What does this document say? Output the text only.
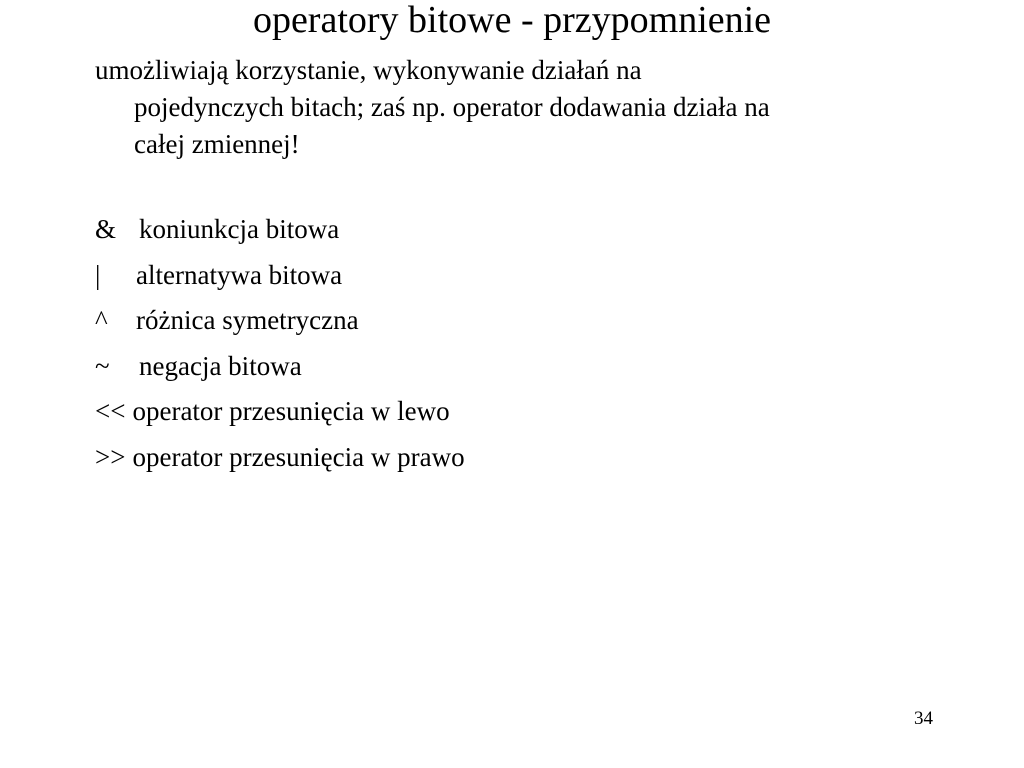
operatory bitowe - przypomnienie
umożliwiają korzystanie, wykonywanie działań na
pojedynczych bitach; zaś np. operator dodawania działa na
całej zmiennej!
& koniunkcja bitowa
| alternatywa bitowa
^ różnica symetryczna
~ negacja bitowa
<< operator przesunięcia w lewo
>> operator przesunięcia w prawo
34
